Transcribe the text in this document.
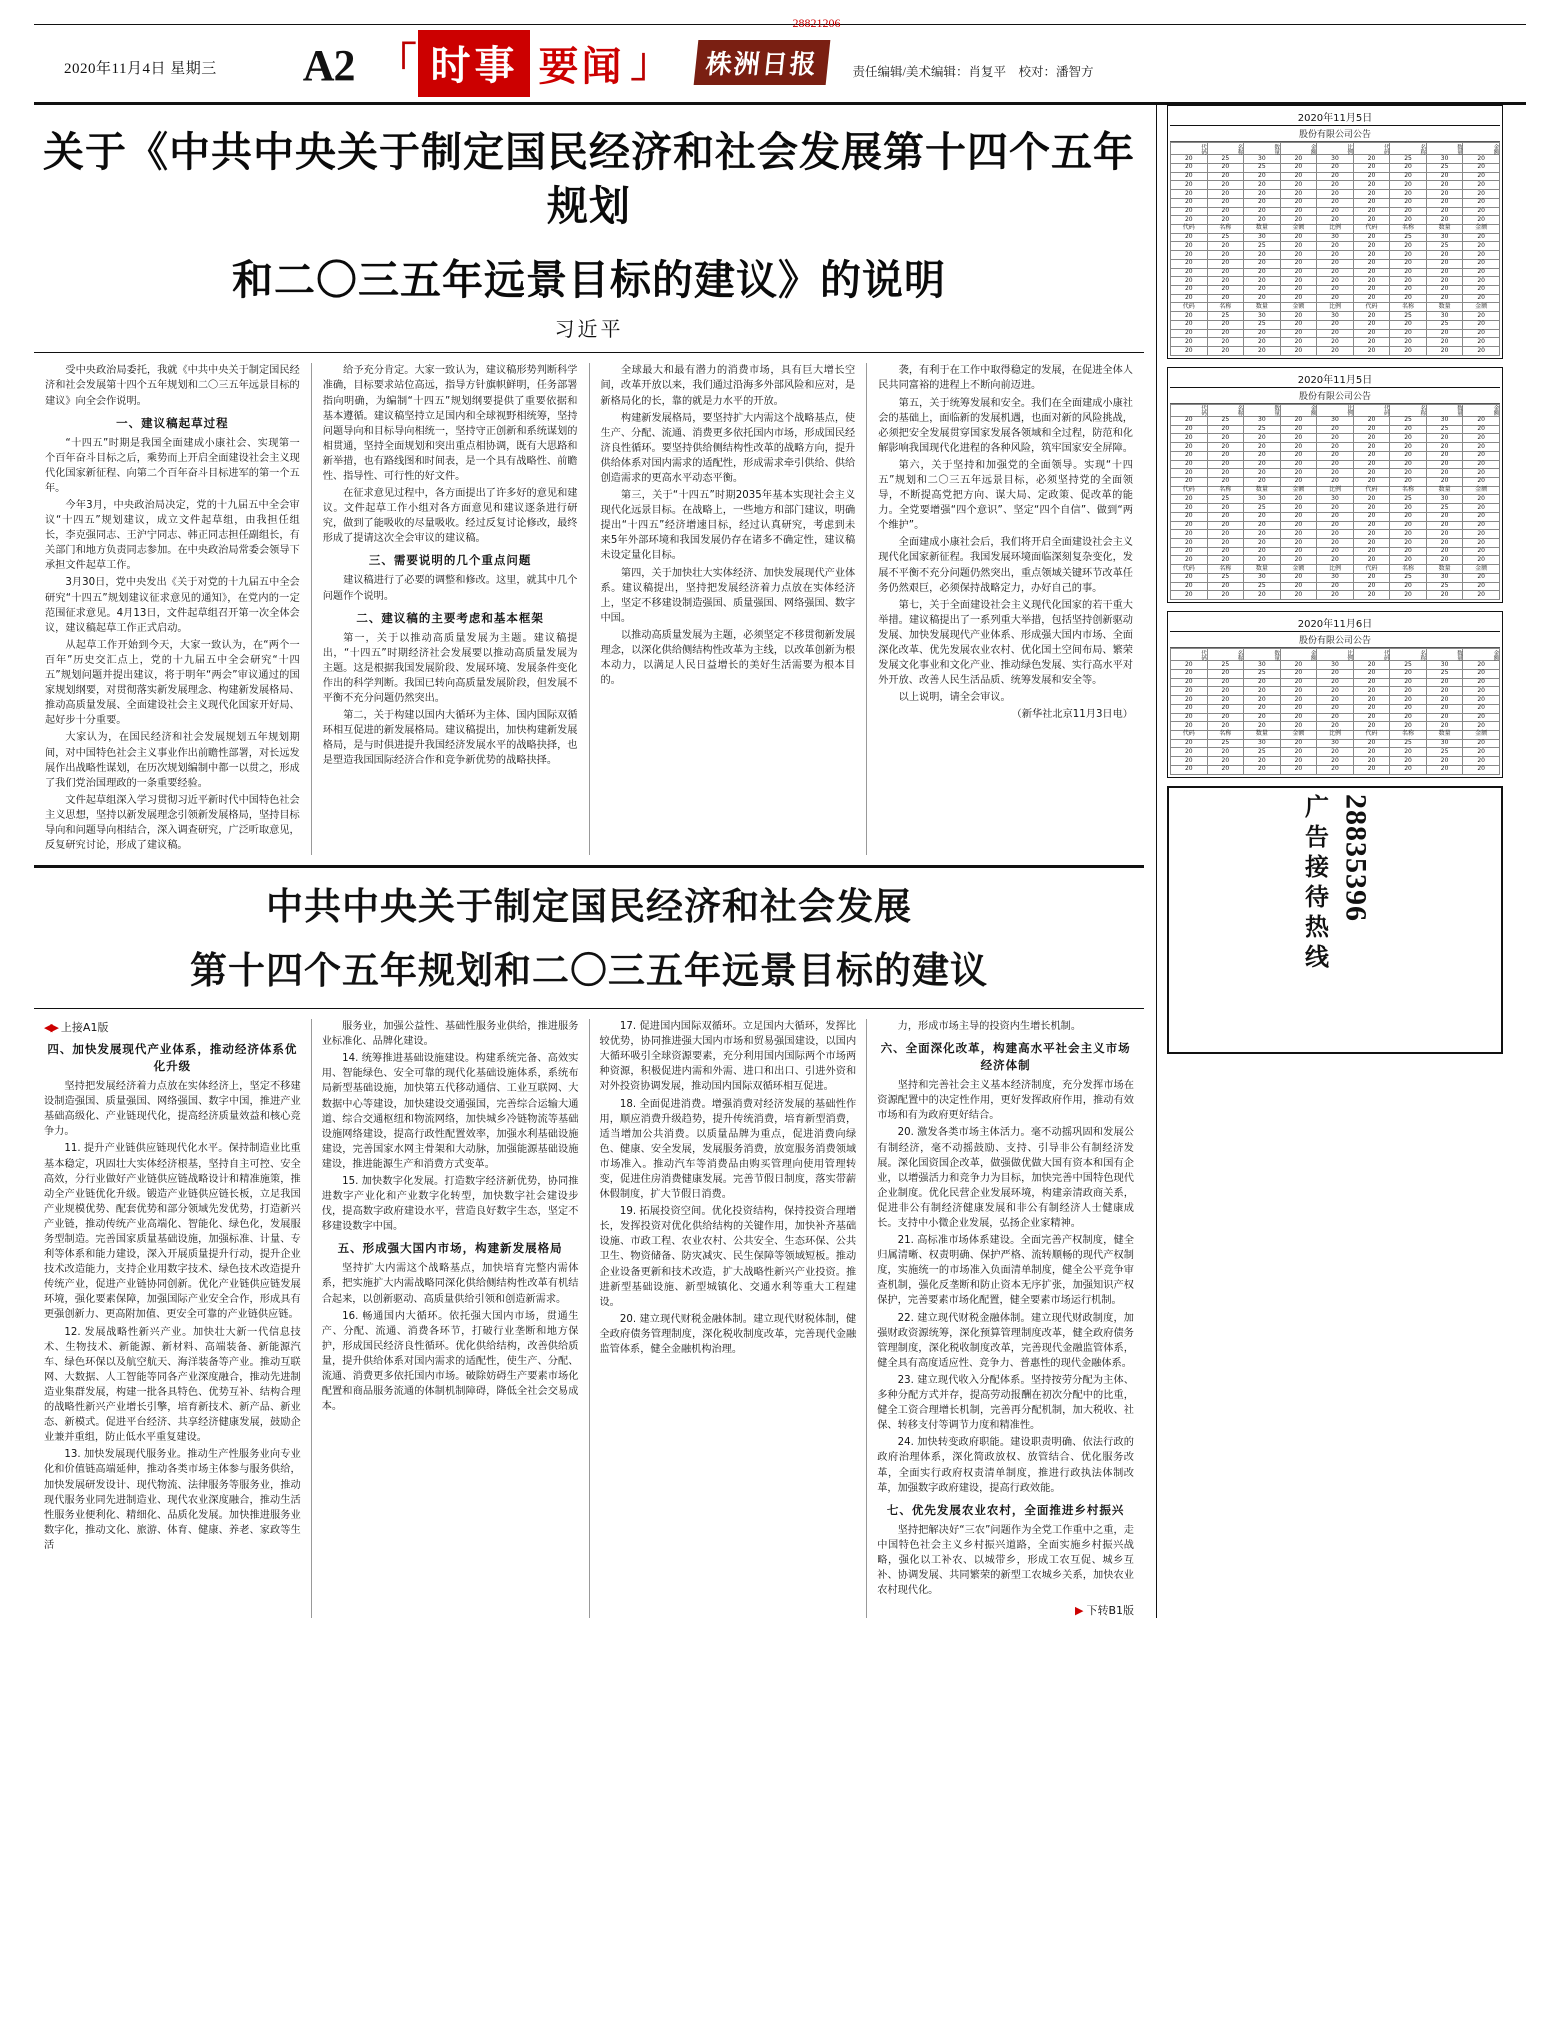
2020年11月4日 星期三 A2 「 时事 要闻 」
28821206
株洲日报	责任编辑/美术编辑：肖复平　校对：潘智方
关于《中共中央关于制定国民经济和社会发展第十四个五年规划
和二〇三五年远景目标的建议》的说明
习近平

受中央政治局委托，我就《中共中央关于制定国民经济和社会发展第十四个五年规划和二〇三五年远景目标的建议》向全会作说明。

一、建议稿起草过程

“十四五”时期是我国全面建成小康社会、实现第一个百年奋斗目标之后，乘势而上开启全面建设社会主义现代化国家新征程、向第二个百年奋斗目标进军的第一个五年。

今年3月，中央政治局决定，党的十九届五中全会审议“十四五”规划建议，成立文件起草组，由我担任组长，李克强同志、王沪宁同志、韩正同志担任副组长，有关部门和地方负责同志参加。在中央政治局常委会领导下承担文件起草工作。

3月30日，党中央发出《关于对党的十九届五中全会研究“十四五”规划建议征求意见的通知》，在党内的一定范围征求意见。4月13日，文件起草组召开第一次全体会议，建议稿起草工作正式启动。

从起草工作开始到今天，大家一致认为，在“两个一百年”历史交汇点上，党的十九届五中全会研究“十四五”规划问题并提出建议，将于明年“两会”审议通过的国家规划纲要，对贯彻落实新发展理念、构建新发展格局、推动高质量发展、全面建设社会主义现代化国家开好局、起好步十分重要。

大家认为，在国民经济和社会发展规划五年规划期间，对中国特色社会主义事业作出前瞻性部署，对长远发展作出战略性谋划，在历次规划编制中都一以贯之，形成了我们党治国理政的一条重要经验。

文件起草组深入学习贯彻习近平新时代中国特色社会主义思想，坚持以新发展理念引领新发展格局，坚持目标导向和问题导向相结合，深入调查研究，广泛听取意见，反复研究讨论，形成了建议稿。

给予充分肯定。大家一致认为，建议稿形势判断科学准确，目标要求站位高远，指导方针旗帜鲜明，任务部署指向明确，为编制“十四五”规划纲要提供了重要依据和基本遵循。建议稿坚持立足国内和全球视野相统筹，坚持问题导向和目标导向相统一，坚持守正创新和系统谋划的相贯通，坚持全面规划和突出重点相协调，既有大思路和新举措，也有路线图和时间表，是一个具有战略性、前瞻性、指导性、可行性的好文件。

在征求意见过程中，各方面提出了许多好的意见和建议。文件起草工作小组对各方面意见和建议逐条进行研究，做到了能吸收的尽量吸收。经过反复讨论修改，最终形成了提请这次全会审议的建议稿。

三、需要说明的几个重点问题

建议稿进行了必要的调整和修改。这里，就其中几个问题作个说明。

二、建议稿的主要考虑和基本框架

第一，关于以推动高质量发展为主题。建议稿提出，“十四五”时期经济社会发展要以推动高质量发展为主题。这是根据我国发展阶段、发展环境、发展条件变化作出的科学判断。我国已转向高质量发展阶段，但发展不平衡不充分问题仍然突出。

第二，关于构建以国内大循环为主体、国内国际双循环相互促进的新发展格局。建议稿提出，加快构建新发展格局，是与时俱进提升我国经济发展水平的战略抉择，也是塑造我国国际经济合作和竞争新优势的战略抉择。

全球最大和最有潜力的消费市场，具有巨大增长空间，改革开放以来，我们通过沿海多外部风险和应对，是新格局化的长，靠的就是力水平的开放。

构建新发展格局，要坚持扩大内需这个战略基点，使生产、分配、流通、消费更多依托国内市场，形成国民经济良性循环。要坚持供给侧结构性改革的战略方向，提升供给体系对国内需求的适配性，形成需求牵引供给、供给创造需求的更高水平动态平衡。

第三，关于“十四五”时期2035年基本实现社会主义现代化远景目标。在战略上，一些地方和部门建议，明确提出“十四五”经济增速目标，经过认真研究，考虑到未来5年外部环境和我国发展仍存在诸多不确定性，建议稿未设定量化目标。

第四，关于加快壮大实体经济、加快发展现代产业体系。建议稿提出，坚持把发展经济着力点放在实体经济上，坚定不移建设制造强国、质量强国、网络强国、数字中国。

以推动高质量发展为主题，必须坚定不移贯彻新发展理念，以深化供给侧结构性改革为主线，以改革创新为根本动力，以满足人民日益增长的美好生活需要为根本目的。

袭，有利于在工作中取得稳定的发展，在促进全体人民共同富裕的进程上不断向前迈进。

第五，关于统筹发展和安全。我们在全面建成小康社会的基础上，面临新的发展机遇，也面对新的风险挑战，必须把安全发展贯穿国家发展各领域和全过程，防范和化解影响我国现代化进程的各种风险，筑牢国家安全屏障。

第六，关于坚持和加强党的全面领导。实现“十四五”规划和二〇三五年远景目标，必须坚持党的全面领导，不断提高党把方向、谋大局、定政策、促改革的能力。全党要增强“四个意识”、坚定“四个自信”、做到“两个维护”。

全面建成小康社会后，我们将开启全面建设社会主义现代化国家新征程。我国发展环境面临深刻复杂变化，发展不平衡不充分问题仍然突出，重点领域关键环节改革任务仍然艰巨，必须保持战略定力，办好自己的事。

第七，关于全面建设社会主义现代化国家的若干重大举措。建议稿提出了一系列重大举措，包括坚持创新驱动发展、加快发展现代产业体系、形成强大国内市场、全面深化改革、优先发展农业农村、优化国土空间布局、繁荣发展文化事业和文化产业、推动绿色发展、实行高水平对外开放、改善人民生活品质、统筹发展和安全等。

以上说明，请全会审议。

（新华社北京11月3日电）

中共中央关于制定国民经济和社会发展
第十四个五年规划和二〇三五年远景目标的建议
◀▶ 上接A1版

四、加快发展现代产业体系，推动经济体系优化升级

坚持把发展经济着力点放在实体经济上，坚定不移建设制造强国、质量强国、网络强国、数字中国，推进产业基础高级化、产业链现代化，提高经济质量效益和核心竞争力。

11. 提升产业链供应链现代化水平。保持制造业比重基本稳定，巩固壮大实体经济根基，坚持自主可控、安全高效，分行业做好产业链供应链战略设计和精准施策，推动全产业链优化升级。锻造产业链供应链长板，立足我国产业规模优势、配套优势和部分领域先发优势，打造新兴产业链，推动传统产业高端化、智能化、绿色化，发展服务型制造。完善国家质量基础设施，加强标准、计量、专利等体系和能力建设，深入开展质量提升行动，提升企业技术改造能力，支持企业用数字技术、绿色技术改造提升传统产业，促进产业链协同创新。优化产业链供应链发展环境，强化要素保障，加强国际产业安全合作，形成具有更强创新力、更高附加值、更安全可靠的产业链供应链。

12. 发展战略性新兴产业。加快壮大新一代信息技术、生物技术、新能源、新材料、高端装备、新能源汽车、绿色环保以及航空航天、海洋装备等产业。推动互联网、大数据、人工智能等同各产业深度融合，推动先进制造业集群发展，构建一批各具特色、优势互补、结构合理的战略性新兴产业增长引擎，培育新技术、新产品、新业态、新模式。促进平台经济、共享经济健康发展，鼓励企业兼并重组，防止低水平重复建设。

13. 加快发展现代服务业。推动生产性服务业向专业化和价值链高端延伸，推动各类市场主体参与服务供给，加快发展研发设计、现代物流、法律服务等服务业，推动现代服务业同先进制造业、现代农业深度融合，推动生活性服务业便利化、精细化、品质化发展。加快推进服务业数字化，推动文化、旅游、体育、健康、养老、家政等生活

服务业，加强公益性、基础性服务业供给，推进服务业标准化、品牌化建设。

14. 统筹推进基础设施建设。构建系统完备、高效实用、智能绿色、安全可靠的现代化基础设施体系，系统布局新型基础设施，加快第五代移动通信、工业互联网、大数据中心等建设，加快建设交通强国，完善综合运输大通道、综合交通枢纽和物流网络，加快城乡冷链物流等基础设施网络建设，提高行政性配置效率，加强水利基础设施建设，完善国家水网主骨架和大动脉，加强能源基础设施建设，推进能源生产和消费方式变革。

15. 加快数字化发展。打造数字经济新优势，协同推进数字产业化和产业数字化转型，加快数字社会建设步伐，提高数字政府建设水平，营造良好数字生态，坚定不移建设数字中国。

五、形成强大国内市场，构建新发展格局

坚持扩大内需这个战略基点，加快培育完整内需体系，把实施扩大内需战略同深化供给侧结构性改革有机结合起来，以创新驱动、高质量供给引领和创造新需求。

16. 畅通国内大循环。依托强大国内市场，贯通生产、分配、流通、消费各环节，打破行业垄断和地方保护，形成国民经济良性循环。优化供给结构，改善供给质量，提升供给体系对国内需求的适配性，使生产、分配、流通、消费更多依托国内市场。破除妨碍生产要素市场化配置和商品服务流通的体制机制障碍，降低全社会交易成本。

17. 促进国内国际双循环。立足国内大循环，发挥比较优势，协同推进强大国内市场和贸易强国建设，以国内大循环吸引全球资源要素，充分利用国内国际两个市场两种资源，积极促进内需和外需、进口和出口、引进外资和对外投资协调发展，推动国内国际双循环相互促进。

18. 全面促进消费。增强消费对经济发展的基础性作用，顺应消费升级趋势，提升传统消费，培育新型消费，适当增加公共消费。以质量品牌为重点，促进消费向绿色、健康、安全发展，发展服务消费，放宽服务消费领域市场准入。推动汽车等消费品由购买管理向使用管理转变，促进住房消费健康发展。完善节假日制度，落实带薪休假制度，扩大节假日消费。

19. 拓展投资空间。优化投资结构，保持投资合理增长，发挥投资对优化供给结构的关键作用，加快补齐基础设施、市政工程、农业农村、公共安全、生态环保、公共卫生、物资储备、防灾减灾、民生保障等领域短板。推动企业设备更新和技术改造，扩大战略性新兴产业投资。推进新型基础设施、新型城镇化、交通水利等重大工程建设。

20. 建立现代财税金融体制。建立现代财税体制，健全政府债务管理制度，深化税收制度改革，完善现代金融监管体系，健全金融机构治理。

力，形成市场主导的投资内生增长机制。

六、全面深化改革，构建高水平社会主义市场经济体制

坚持和完善社会主义基本经济制度，充分发挥市场在资源配置中的决定性作用，更好发挥政府作用，推动有效市场和有为政府更好结合。

20. 激发各类市场主体活力。毫不动摇巩固和发展公有制经济，毫不动摇鼓励、支持、引导非公有制经济发展。深化国资国企改革，做强做优做大国有资本和国有企业，以增强活力和竞争力为目标，加快完善中国特色现代企业制度。优化民营企业发展环境，构建亲清政商关系，促进非公有制经济健康发展和非公有制经济人士健康成长。支持中小微企业发展，弘扬企业家精神。

21. 高标准市场体系建设。全面完善产权制度，健全归属清晰、权责明确、保护严格、流转顺畅的现代产权制度，实施统一的市场准入负面清单制度，健全公平竞争审查机制，强化反垄断和防止资本无序扩张，加强知识产权保护，完善要素市场化配置，健全要素市场运行机制。

22. 建立现代财税金融体制。建立现代财政制度，加强财政资源统筹，深化预算管理制度改革，健全政府债务管理制度，深化税收制度改革，完善现代金融监管体系，健全具有高度适应性、竞争力、普惠性的现代金融体系。

23. 建立现代收入分配体系。坚持按劳分配为主体、多种分配方式并存，提高劳动报酬在初次分配中的比重，健全工资合理增长机制，完善再分配机制，加大税收、社保、转移支付等调节力度和精准性。

24. 加快转变政府职能。建设职责明确、依法行政的政府治理体系，深化简政放权、放管结合、优化服务改革，全面实行政府权责清单制度，推进行政执法体制改革，加强数字政府建设，提高行政效能。

七、优先发展农业农村，全面推进乡村振兴

坚持把解决好“三农”问题作为全党工作重中之重，走中国特色社会主义乡村振兴道路，全面实施乡村振兴战略，强化以工补农、以城带乡，形成工农互促、城乡互补、协调发展、共同繁荣的新型工农城乡关系，加快农业农村现代化。

▶ 下转B1版
2020年11月5日
股份有限公司公告
代码	名称	数量	金额	比例	代码	名称	数量	金额
20	25	30	20	30	20	25	30	20
20	20	25	20	20	20	20	25	20
20	20	20	20	20	20	20	20	20
20	20	20	20	20	20	20	20	20
20	20	20	20	20	20	20	20	20
20	20	20	20	20	20	20	20	20
20	20	20	20	20	20	20	20	20
20	20	20	20	20	20	20	20	20
代码	名称	数量	金额	比例	代码	名称	数量	金额
20	25	30	20	30	20	25	30	20
20	20	25	20	20	20	20	25	20
20	20	20	20	20	20	20	20	20
20	20	20	20	20	20	20	20	20
20	20	20	20	20	20	20	20	20
20	20	20	20	20	20	20	20	20
20	20	20	20	20	20	20	20	20
20	20	20	20	20	20	20	20	20
代码	名称	数量	金额	比例	代码	名称	数量	金额
20	25	30	20	30	20	25	30	20
20	20	25	20	20	20	20	25	20
20	20	20	20	20	20	20	20	20
20	20	20	20	20	20	20	20	20
20	20	20	20	20	20	20	20	20
2020年11月5日
股份有限公司公告
代码	名称	数量	金额	比例	代码	名称	数量	金额
20	25	30	20	30	20	25	30	20
20	20	25	20	20	20	20	25	20
20	20	20	20	20	20	20	20	20
20	20	20	20	20	20	20	20	20
20	20	20	20	20	20	20	20	20
20	20	20	20	20	20	20	20	20
20	20	20	20	20	20	20	20	20
20	20	20	20	20	20	20	20	20
代码	名称	数量	金额	比例	代码	名称	数量	金额
20	25	30	20	30	20	25	30	20
20	20	25	20	20	20	20	25	20
20	20	20	20	20	20	20	20	20
20	20	20	20	20	20	20	20	20
20	20	20	20	20	20	20	20	20
20	20	20	20	20	20	20	20	20
20	20	20	20	20	20	20	20	20
20	20	20	20	20	20	20	20	20
代码	名称	数量	金额	比例	代码	名称	数量	金额
20	25	30	20	30	20	25	30	20
20	20	25	20	20	20	20	25	20
20	20	20	20	20	20	20	20	20
2020年11月6日
股份有限公司公告
代码	名称	数量	金额	比例	代码	名称	数量	金额
20	25	30	20	30	20	25	30	20
20	20	25	20	20	20	20	25	20
20	20	20	20	20	20	20	20	20
20	20	20	20	20	20	20	20	20
20	20	20	20	20	20	20	20	20
20	20	20	20	20	20	20	20	20
20	20	20	20	20	20	20	20	20
20	20	20	20	20	20	20	20	20
代码	名称	数量	金额	比例	代码	名称	数量	金额
20	25	30	20	30	20	25	30	20
20	20	25	20	20	20	20	25	20
20	20	20	20	20	20	20	20	20
20	20	20	20	20	20	20	20	20
广告接待热线 28835396
